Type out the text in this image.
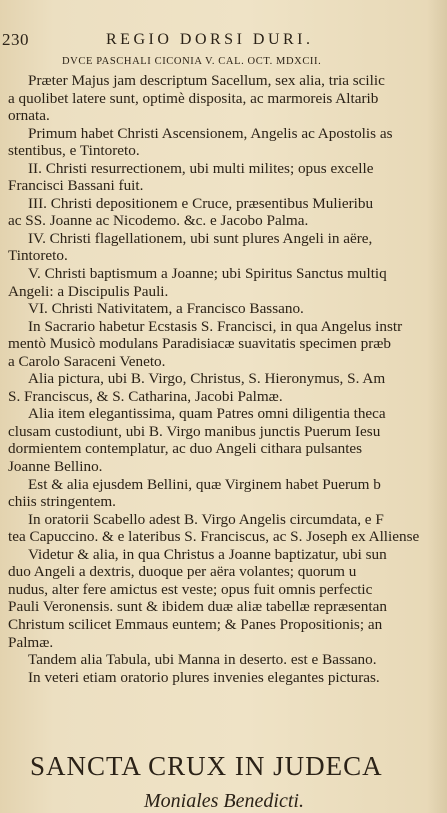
230	REGIO DORSI DURI.
DVCE PASCHALI CICONIA V. CAL. OCT. MDXCII.
Præter Majus jam descriptum Sacellum, sex alia, tria scilic
a quolibet latere sunt, optimè disposita, ac marmoreis Altarib
ornata.
Primum habet Christi Ascensionem, Angelis ac Apostolis as
stentibus, e Tintoreto.
II. Christi resurrectionem, ubi multi milites; opus excelle
Francisci Bassani fuit.
III. Christi depositionem e Cruce, præsentibus Mulieribu
ac SS. Joanne ac Nicodemo. &c. e Jacobo Palma.
IV. Christi flagellationem, ubi sunt plures Angeli in aëre,
Tintoreto.
V. Christi baptismum a Joanne; ubi Spiritus Sanctus multiq
Angeli: a Discipulis Pauli.
VI. Christi Nativitatem, a Francisco Bassano.
In Sacrario habetur Ecstasis S. Francisci, in qua Angelus instr
mentò Musicò modulans Paradisiacæ suavitatis specimen præb
a Carolo Saraceni Veneto.
Alia pictura, ubi B. Virgo, Christus, S. Hieronymus, S. Am
S. Franciscus, & S. Catharina, Jacobi Palmæ.
Alia item elegantissima, quam Patres omni diligentia theca
clusam custodiunt, ubi B. Virgo manibus junctis Puerum Iesu
dormientem contemplatur, ac duo Angeli cithara pulsantes
Joanne Bellino.
Est & alia ejusdem Bellini, quæ Virginem habet Puerum b
chiis stringentem.
In oratorii Scabello adest B. Virgo Angelis circumdata, e F
tea Capuccino. & e lateribus S. Franciscus, ac S. Joseph ex Alliense
Videtur & alia, in qua Christus a Joanne baptizatur, ubi sun
duo Angeli a dextris, duoque per aëra volantes; quorum u
nudus, alter fere amictus est veste; opus fuit omnis perfectic
Pauli Veronensis. sunt & ibidem duæ aliæ tabellæ repræsentan
Christum scilicet Emmaus euntem; & Panes Propositionis; an
Palmæ.
Tandem alia Tabula, ubi Manna in deserto. est e Bassano.
In veteri etiam oratorio plures invenies elegantes picturas.
SANCTA CRUX IN JUDECA
Moniales Benedicti.
